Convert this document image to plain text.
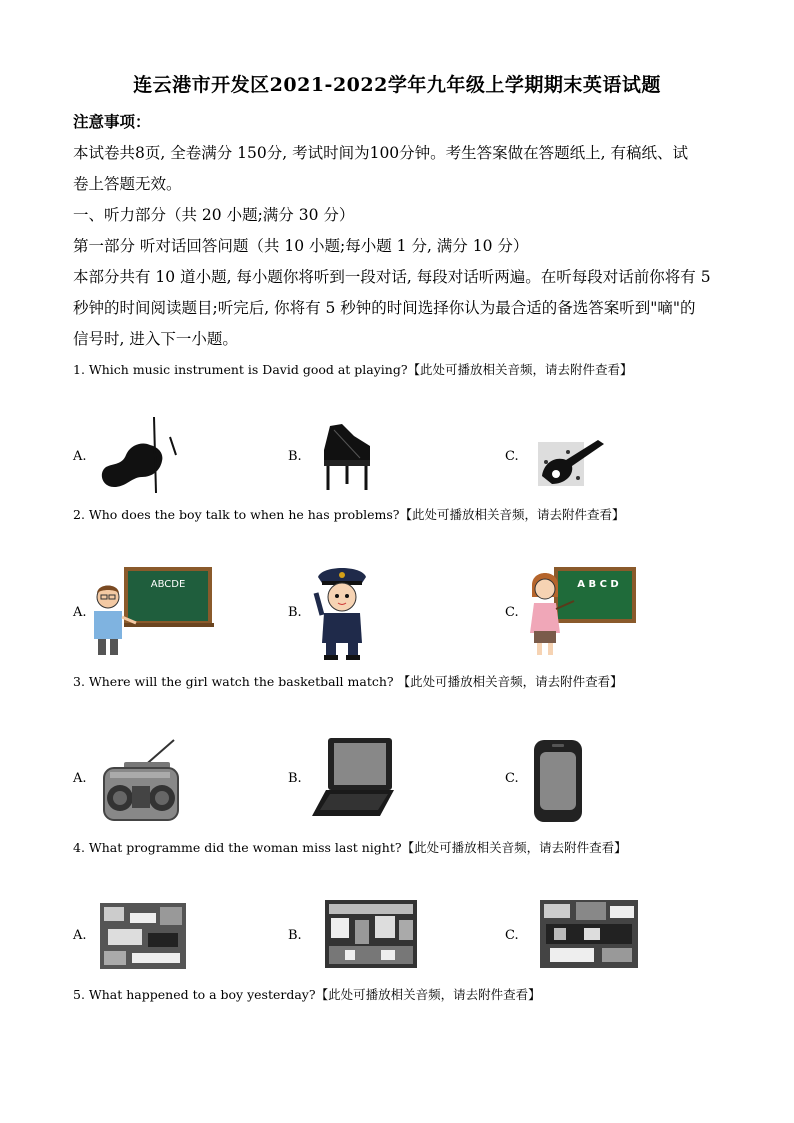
连云港市开发区2021-2022学年九年级上学期期末英语试题
注意事项：
本试卷共8页, 全卷满分 150分, 考试时间为100分钟。考生答案做在答题纸上, 有稿纸、试
卷上答题无效。
一、听力部分（共 20 小题;满分 30 分）
第一部分 听对话回答问题（共 10 小题;每小题 1 分, 满分 10 分）
本部分共有 10 道小题, 每小题你将听到一段对话, 每段对话听两遍。在听每段对话前你将有 5
秒钟的时间阅读题目;听完后, 你将有 5 秒钟的时间选择你认为最合适的备选答案听到"嘀"的
信号时, 进入下一小题。
1. Which music instrument is David good at playing?【此处可播放相关音频，请去附件查看】
A.	B.	C.
2. Who does the boy talk to when he has problems?【此处可播放相关音频，请去附件查看】
A.
ABCDE
B.	C.
A B C D
3. Where will the girl watch the basketball match? 【此处可播放相关音频，请去附件查看】
A.	B.	C.
4. What programme did the woman miss last night?【此处可播放相关音频，请去附件查看】
A.	B.	C.
5. What happened to a boy yesterday?【此处可播放相关音频，请去附件查看】
